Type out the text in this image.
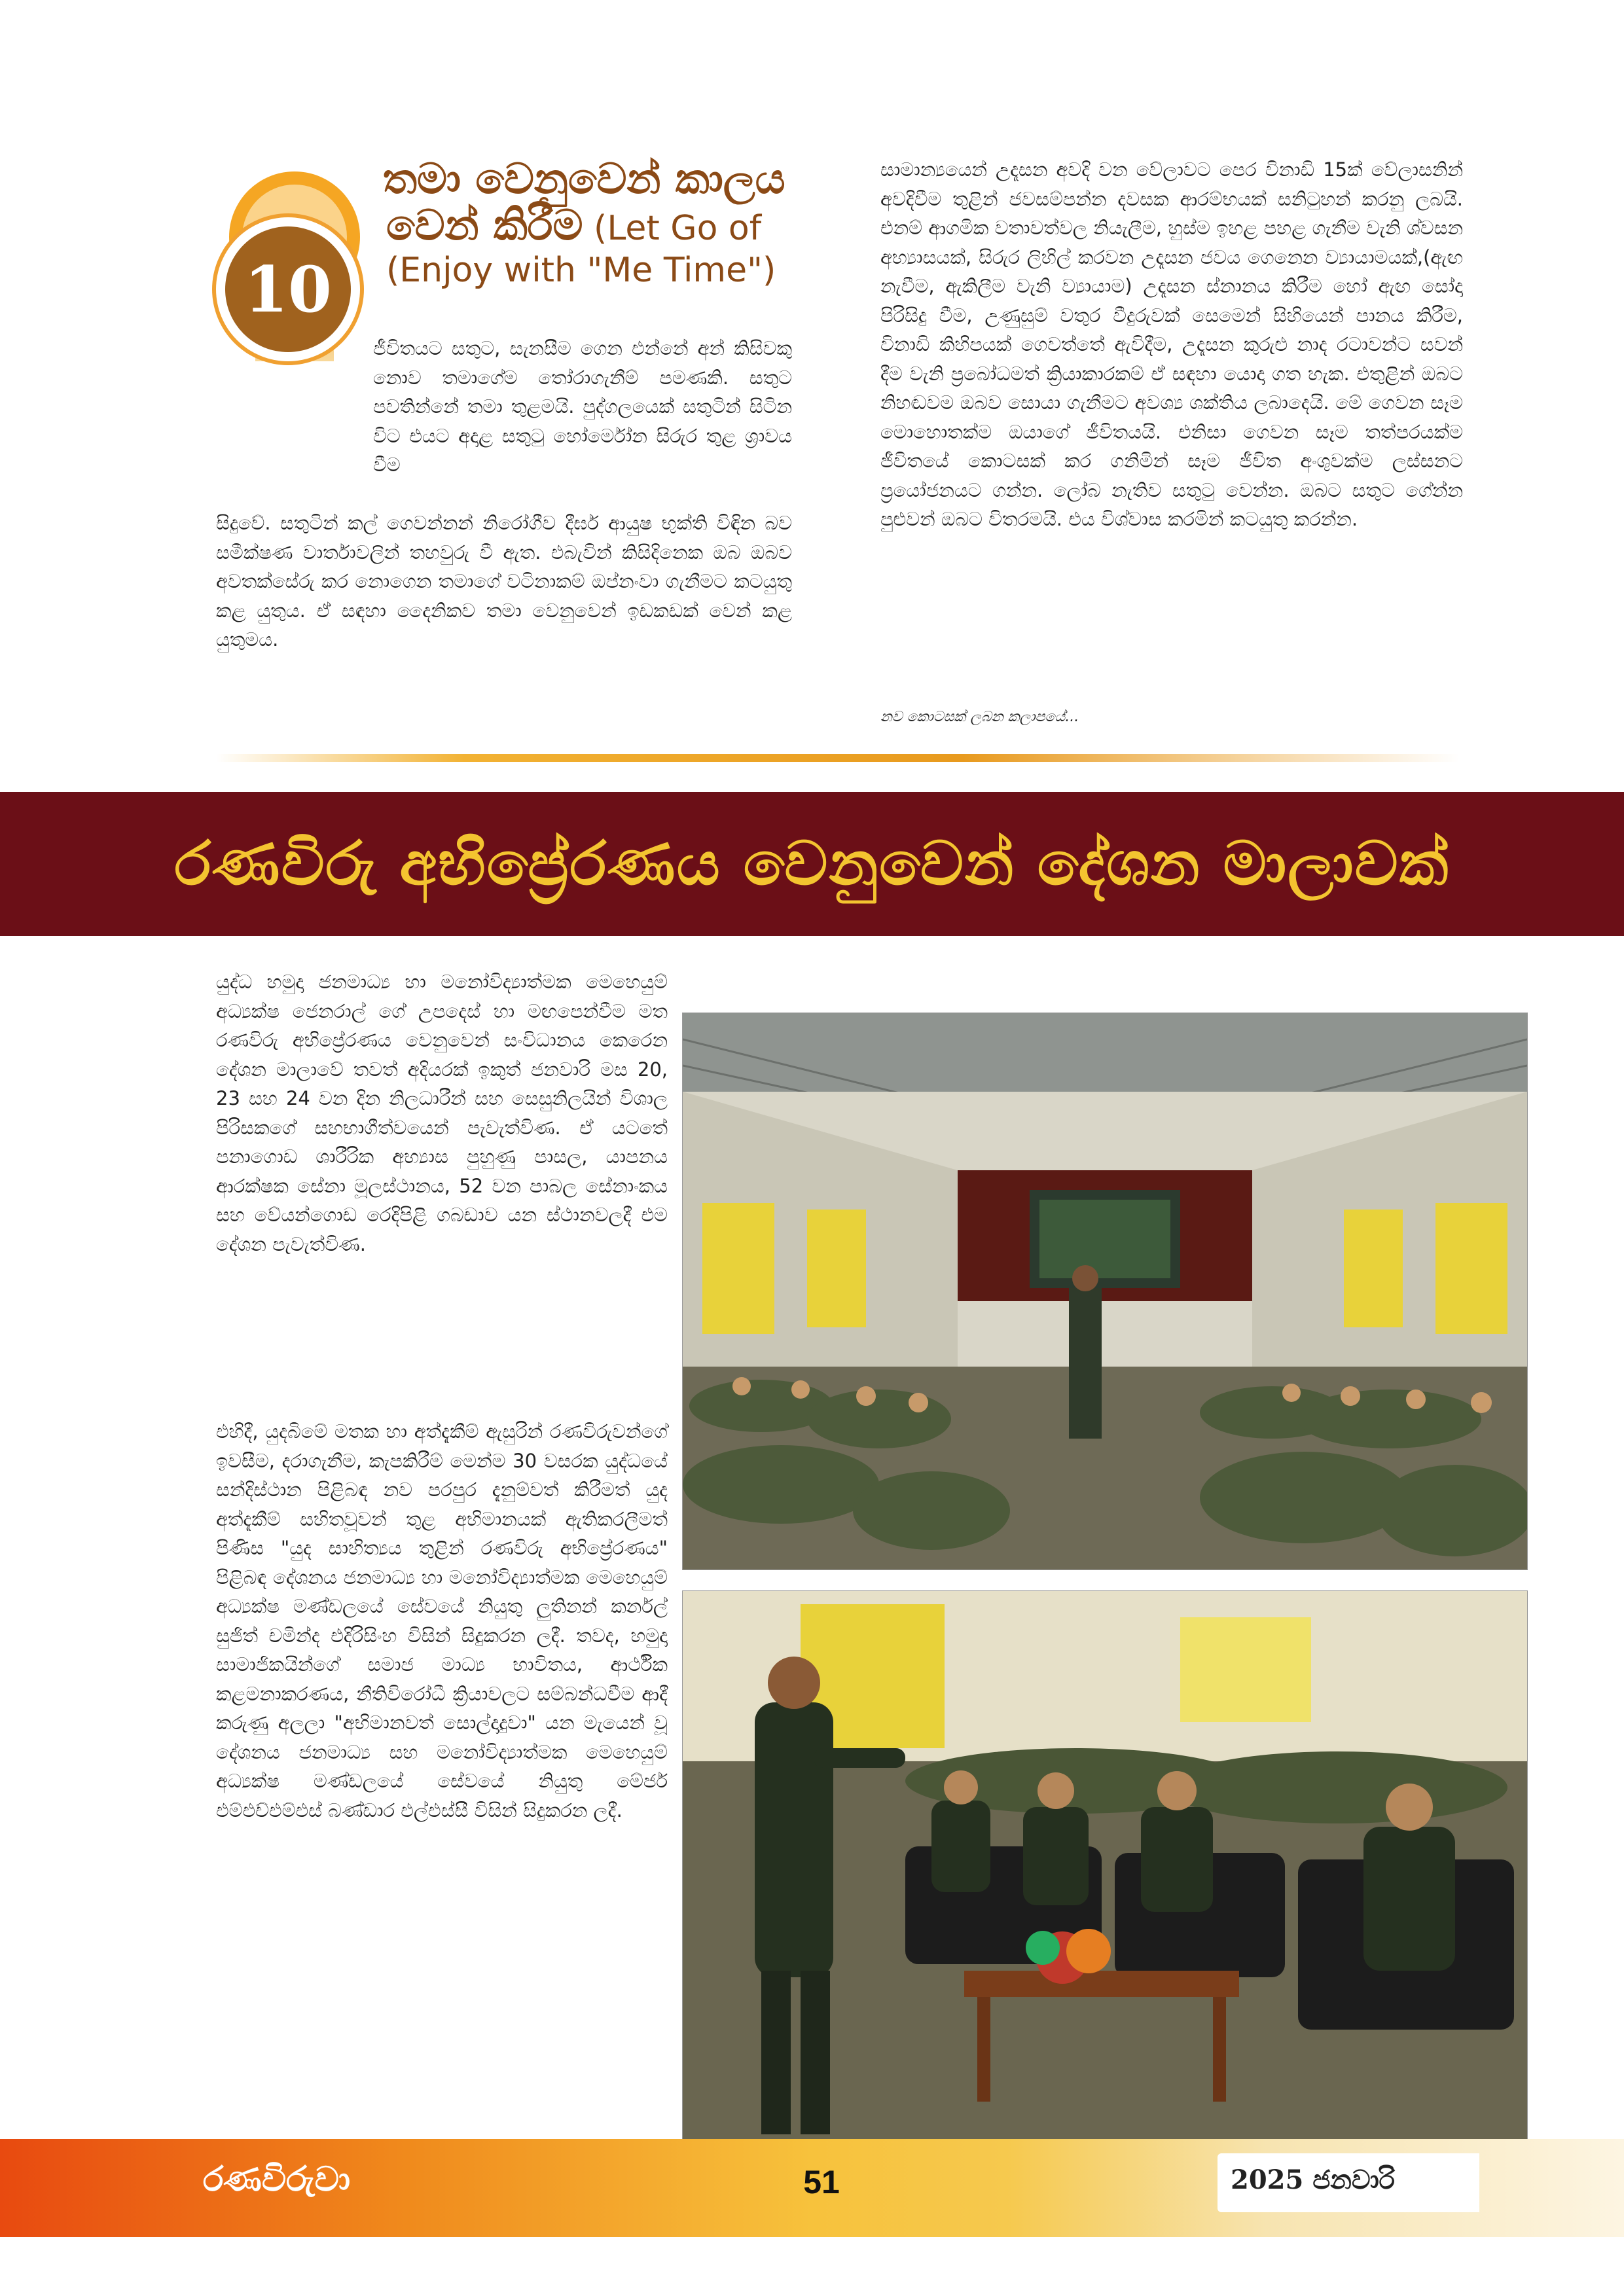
10
තමා වෙනුවෙන් කාලය
වෙන් කිරීම (Let Go of
(Enjoy with "Me Time")
ජීවිතයට සතුට, සැනසීම ගෙන එන්නේ අන් කිසිවකු නොව තමාගේම තෝරාගැනීම් පමණකි. සතුට පවතින්නේ තමා තුළමයි. පුද්ගලයෙක් සතුටින් සිටින විට එයට අදාළ සතුටු හෝර්මෝන සිරුර තුළ ශ්‍රාවය වීම
සිදුවේ. සතුටින් කල් ගෙවන්නන් නිරෝගීව දීර්ඝ ආයුෂ භුක්ති විඳින බව සමීක්ෂණ වාර්තාවලින් තහවුරු වී ඇත. එබැවින් කිසිදිනෙක ඔබ ඔබව අවතක්සේරු කර නොගෙන තමාගේ වටිනාකම් ඔප්නංවා ගැනීමට කටයුතු කළ යුතුය. ඒ සඳහා දෛනිකව තමා වෙනුවෙන් ඉඩකඩක් වෙන් කළ යුතුමය.
සාමාන්‍යයෙන් උදෑසන අවදි වන වේලාවට පෙර විනාඩි 15ක් වේලාසනින් අවදිවීම තුළින් ජවසම්පන්න දවසක ආරම්භයක් සනිටුහන් කරනු ලබයි. එනම් ආගමික වතාවත්වල නියැලීම, හුස්ම ඉහළ පහළ ගැනීම වැනි ශ්වසන අභ්‍යාසයක්, සිරුර ලිහිල් කරවන උදෑසන ජවය ගෙනෙන ව්‍යායාමයක්,(ඇඟ නැවීම, ඇකිලීම වැනි ව්‍යායාම) උදෑසන ස්නානය කිරීම හෝ ඇඟ සෝදා පිරිසිදු වීම, උණුසුම් වතුර වීදුරුවක් සෙමෙන් සිහියෙන් පානය කිරීම, විනාඩි කිහිපයක් ගෙවත්තේ ඇවිදීම, උදෑසන කුරුළු නාද රටාවන්ට සවන් දීම වැනි ප්‍රබෝධමත් ක්‍රියාකාරකම් ඒ සඳහා යොදා ගත හැක. එතුළින් ඔබට නිහඬවම ඔබව සොයා ගැනීමට අවශ්‍ය ශක්තිය ලබාදෙයි. මේ ගෙවන සෑම මොහොතක්ම ඔයාගේ ජීවිතයයි. එනිසා ගෙවන සෑම තත්පරයක්ම ජීවිතයේ කොටසක් කර ගනිමින් සෑම ජීවිත අංශුවක්ම ලස්සනට ප්‍රයෝජනයට ගන්න. ලෝබ නැතිව සතුටු වෙන්න. ඔබට සතුට ගේන්න පුළුවන් ඔබට විතරමයි. එය විශ්වාස කරමින් කටයුතු කරන්න.
නව කොටසක් ලබන කලාපයේ...
රණවිරු අභිප්‍රේරණය වෙනුවෙන් දේශන මාලාවක්
යුද්ධ හමුදා ජනමාධ්‍ය හා මනෝවිද්‍යාත්මක මෙහෙයුම් අධ්‍යක්ෂ ජෙනරාල් ගේ උපදෙස් හා මඟපෙන්වීම මත රණවිරු අභිප්‍රේරණය වෙනුවෙන් සංවිධානය කෙරෙන දේශන මාලාවේ තවත් අදියරක් ඉකුත් ජනවාරි මස 20, 23 සහ 24 වන දින නිලධාරීන් සහ සෙසුනිලයින් විශාල පිරිසකගේ සහභාගීත්වයෙන් පැවැත්විණ. ඒ යටතේ පනාගොඩ ශාරීරික අභ්‍යාස පුහුණු පාසල, යාපනය ආරක්ෂක සේනා මූලස්ථානය, 52 වන පාබල සේනාංකය සහ වේයන්ගොඩ රෙදිපිළි ගබඩාව යන ස්ථානවලදී එම දේශන පැවැත්විණ.
එහිදී, යුදබිමේ මතක හා අත්දැකීම් ඇසුරින් රණවිරුවන්ගේ ඉවසීම, දරාගැනීම, කැපකිරීම් මෙන්ම 30 වසරක යුද්ධයේ සන්දිස්ථාන පිළිබඳ නව පරපුර දැනුම්වත් කිරීමත් යුද අත්දැකීම් සහිතවූවන් තුළ අභිමානයක් ඇතිකරලීමත් පිණිස "යුද සාහිත්‍යය තුළින් රණවිරු අභිප්‍රේරණය" පිළිබඳ දේශනය ජනමාධ්‍ය හා මනෝවිද්‍යාත්මක මෙහෙයුම් අධ්‍යක්ෂ මණ්ඩලයේ සේවයේ නියුතු ලුතිනන් කර්නල් සුජිත් චමින්ද එදිරිසිංහ විසින් සිදුකරන ලදී. තවද, හමුදා සාමාජිකයින්ගේ සමාජ මාධ්‍ය භාවිතය, ආර්ථික කළමනාකරණය, නීතිවිරෝධී ක්‍රියාවලට සම්බන්ධවීම ආදී කරුණු අලලා "අභිමානවත් සොල්දාදුවා" යන මැයෙන් වූ දේශනය ජනමාධ්‍ය සහ මනෝවිද්‍යාත්මක මෙහෙයුම් අධ්‍යක්ෂ මණ්ඩලයේ සේවයේ නියුතු මේජර් එම්එච්එම්එස් බණ්ඩාර එල්එස්සී විසින් සිදුකරන ලදී.
රණවිරුවා	51	2025 ජනවාරි
